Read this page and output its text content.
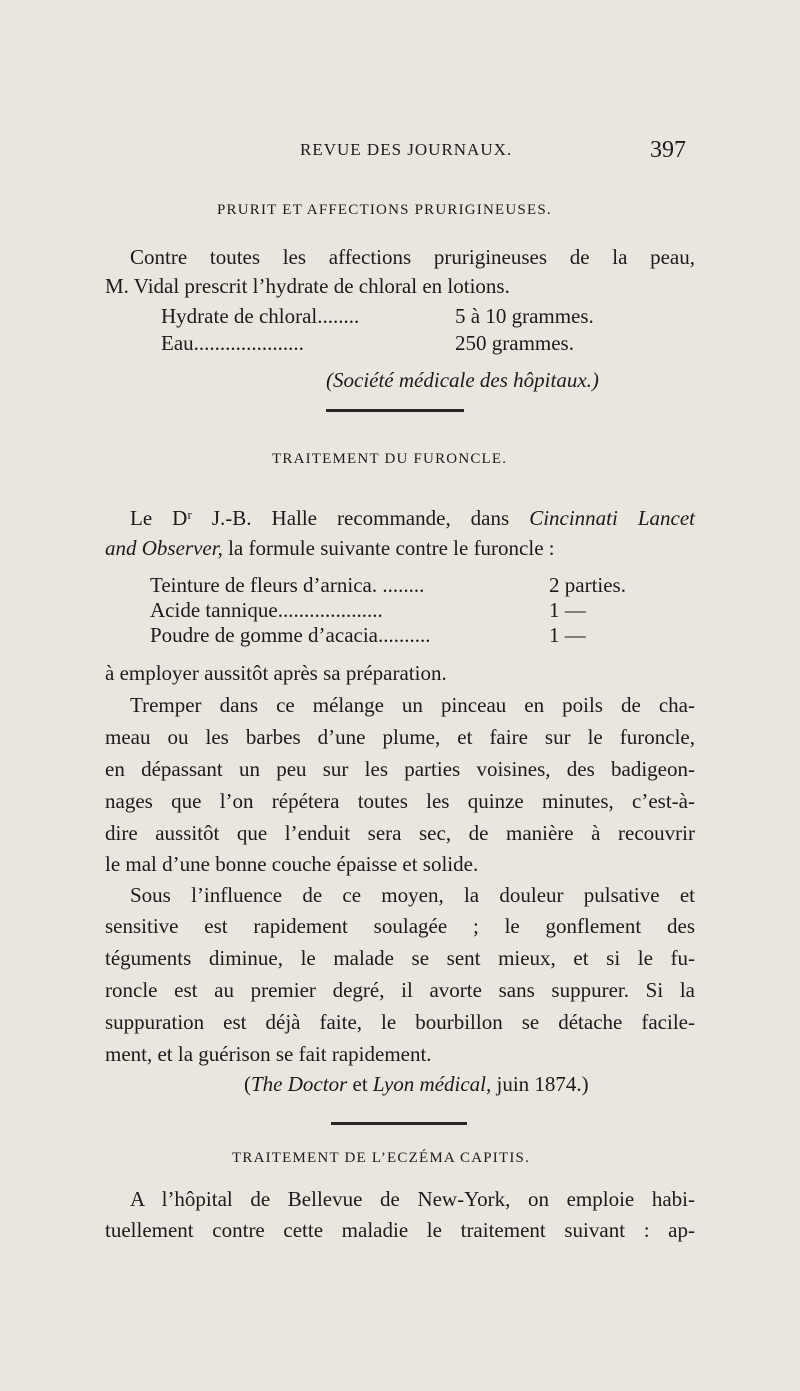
REVUE DES JOURNAUX.	397
PRURIT ET AFFECTIONS PRURIGINEUSES.
Contre toutes les affections prurigineuses de la peau,
M. Vidal prescrit l’hydrate de chloral en lotions.
Hydrate de chloral........	5 à 10 grammes.
Eau.....................	250 grammes.
(Société médicale des hôpitaux.)
TRAITEMENT DU FURONCLE.
Le Dʳ J.-B. Halle recommande, dans Cincinnati Lancet
and Observer, la formule suivante contre le furoncle :
Teinture de fleurs d’arnica. ........	2 parties.
Acide tannique....................	1 —
Poudre de gomme d’acacia..........	1 —
à employer aussitôt après sa préparation.
Tremper dans ce mélange un pinceau en poils de cha-
meau ou les barbes d’une plume, et faire sur le furoncle,
en dépassant un peu sur les parties voisines, des badigeon-
nages que l’on répétera toutes les quinze minutes, c’est-à-
dire aussitôt que l’enduit sera sec, de manière à recouvrir
le mal d’une bonne couche épaisse et solide.
Sous l’influence de ce moyen, la douleur pulsative et
sensitive est rapidement soulagée ; le gonflement des
téguments diminue, le malade se sent mieux, et si le fu-
roncle est au premier degré, il avorte sans suppurer. Si la
suppuration est déjà faite, le bourbillon se détache facile-
ment, et la guérison se fait rapidement.
(The Doctor et Lyon médical, juin 1874.)
TRAITEMENT DE L’ECZÉMA CAPITIS.
A l’hôpital de Bellevue de New-York, on emploie habi-
tuellement contre cette maladie le traitement suivant : ap-
